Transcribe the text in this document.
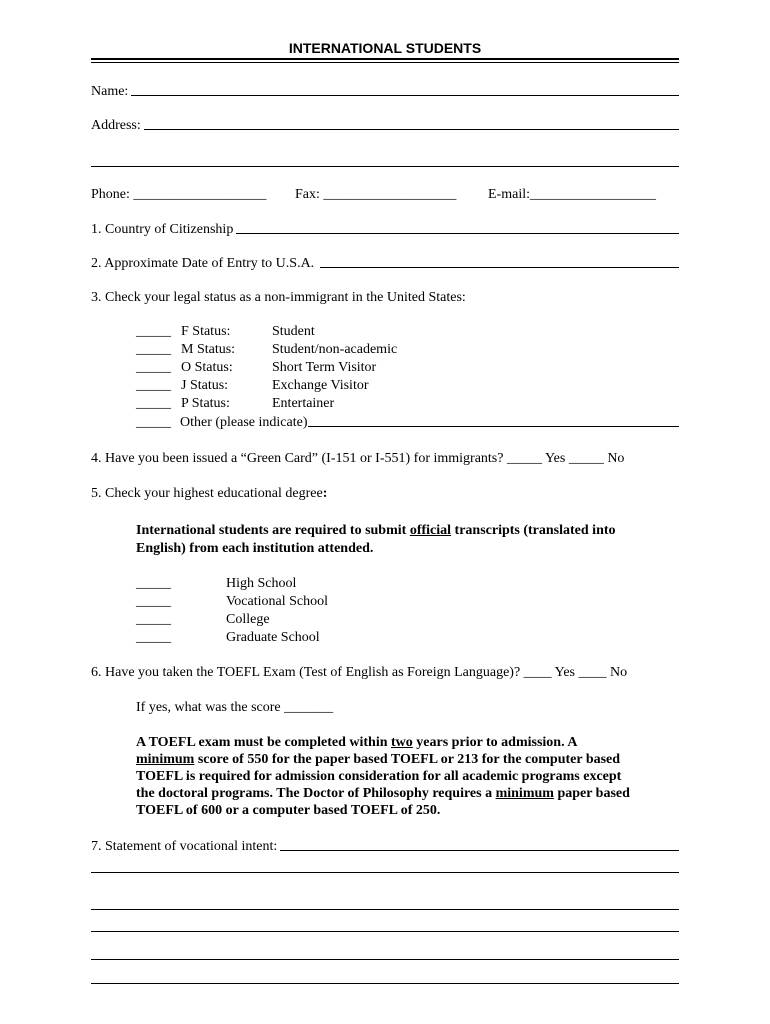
INTERNATIONAL STUDENTS
Name:
Address:
Phone: ___________________ Fax: ___________________ E-mail:__________________
1. Country of Citizenship
2. Approximate Date of Entry to U.S.A.
3. Check your legal status as a non-immigrant in the United States:
_____ F Status:	Student
_____ M Status:	Student/non-academic
_____ O Status:	Short Term Visitor
_____ J Status:	Exchange Visitor
_____ P Status:	Entertainer
_____ Other (please indicate)
4. Have you been issued a “Green Card” (I-151 or I-551) for immigrants? _____ Yes _____ No
5. Check your highest educational degree:
International students are required to submit official transcripts (translated into
English) from each institution attended.
_____	High School
_____	Vocational School
_____	College
_____	Graduate School
6. Have you taken the TOEFL Exam (Test of English as Foreign Language)? ____ Yes ____ No
If yes, what was the score _______
A TOEFL exam must be completed within two years prior to admission. A
minimum score of 550 for the paper based TOEFL or 213 for the computer based
TOEFL is required for admission consideration for all academic programs except
the doctoral programs. The Doctor of Philosophy requires a minimum paper based
TOEFL of 600 or a computer based TOEFL of 250.
7. Statement of vocational intent:
